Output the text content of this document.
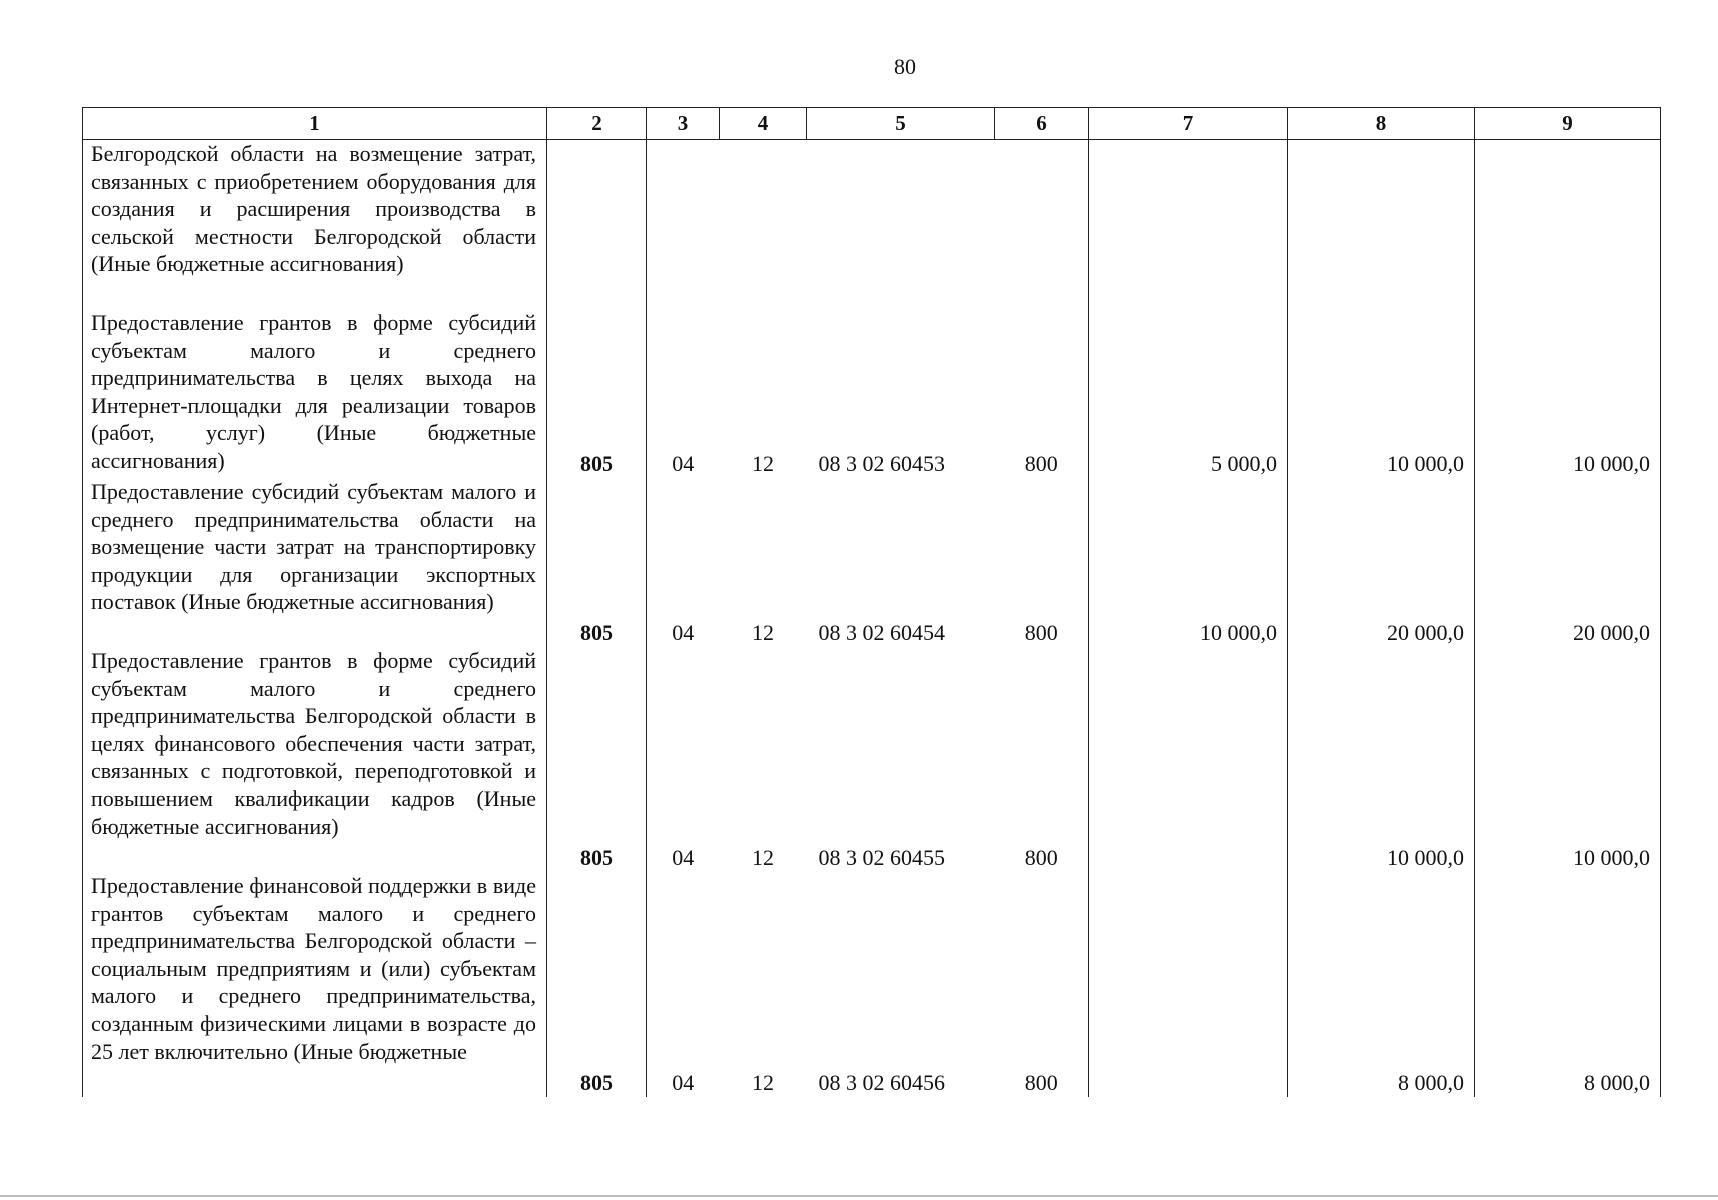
80
1	2	3	4	5	6	7	8	9
Белгородской области на возмещение затрат, связанных с приобретением оборудования для создания и расширения производства в сельской местности Белгородской области (Иные бюджетные ассигнования)								
Предоставление грантов в форме субсидий субъектам малого и среднего предпринимательства в целях выхода на Интернет-площадки для реализации товаров (работ, услуг) (Иные бюджетные ассигнования)	805	04	12	08 3 02 60453	800	5 000,0	10 000,0	10 000,0
Предоставление субсидий субъектам малого и среднего предпринимательства области на возмещение части затрат на транспортировку продукции для организации экспортных поставок (Иные бюджетные ассигнования)	805	04	12	08 3 02 60454	800	10 000,0	20 000,0	20 000,0
Предоставление грантов в форме субсидий субъектам малого и среднего предпринимательства Белгородской области в целях финансового обеспечения части затрат, связанных с подготовкой, переподготовкой и повышением квалификации кадров (Иные бюджетные ассигнования)	805	04	12	08 3 02 60455	800		10 000,0	10 000,0
Предоставление финансовой поддержки в виде грантов субъектам малого и среднего предпринимательства Белгородской области – социальным предприятиям и (или) субъектам малого и среднего предпринимательства, созданным физическими лицами в возрасте до 25 лет включительно (Иные бюджетные	805	04	12	08 3 02 60456	800		8 000,0	8 000,0
